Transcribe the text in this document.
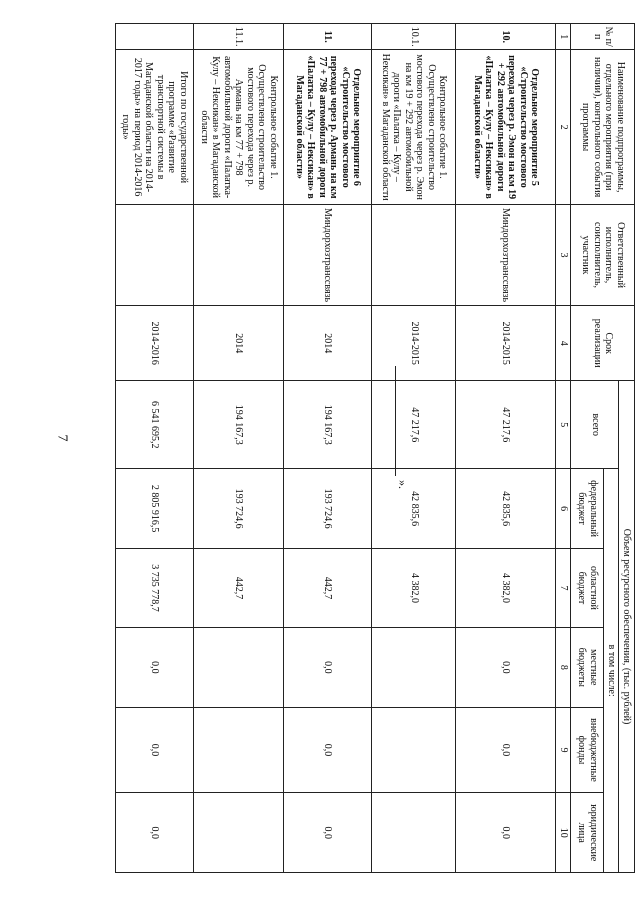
7
».
№ п/п	Наименование подпрограммы, отдельного мероприятия (при наличии), контрольного события программы	Ответственный исполнитель, соисполнитель, участник	Срок реализации	Объем ресурсного обеспечения, (тыс. рублей)					
				всего	в том числе:				
					федеральный бюджет	областной бюджет	местные бюджеты	внебюджетные фонды	юридические лица
1	2	3	4	5	6	7	8	9	10
10.	Отдельное мероприятие 5 «Строительство мостового перехода через р. Эмон на км 19 + 292 автомобильной дороги «Палатка – Кулу – Нексикан» в Магаданской области»	Миндорхозтранссвязь	2014-2015	47 217,6	42 835,6	4 382,0	0,0	0,0	0,0
10.1.	Контрольное событие 1. Осуществлено строительство мостового перехода через р. Эмон на км 19 + 292 автомобильной дороги «Палатка – Кулу – Нексикан» в Магаданской области		2014-2015	47 217,6	42 835,6	4 382,0			
11.	Отдельное мероприятие 6 «Строительство мостового перехода через р. Армань на км 77 + 798 автомобильной дороги «Палатка – Кулу – Нексикан» в Магаданской области»	Миндорхозтранссвязь	2014	194 167,3	193 724,6	442,7	0,0	0,0	0,0
11.1.	Контрольное событие 1. Осуществлено строительство мостового перехода через р. Армань на км 77 + 798 автомобильной дороги «Палатка- Кулу – Нексикан» в Магаданской области		2014	194 167,3	193 724,6	442,7			
	Итого по государственной программе «Развитие транспортной системы в Магаданской области на 2014-2017 годы» на период 2014-2016 годы»		2014-2016	6 541 695,2	2 805 916,5	3 735 778,7	0,0	0,0	0,0
